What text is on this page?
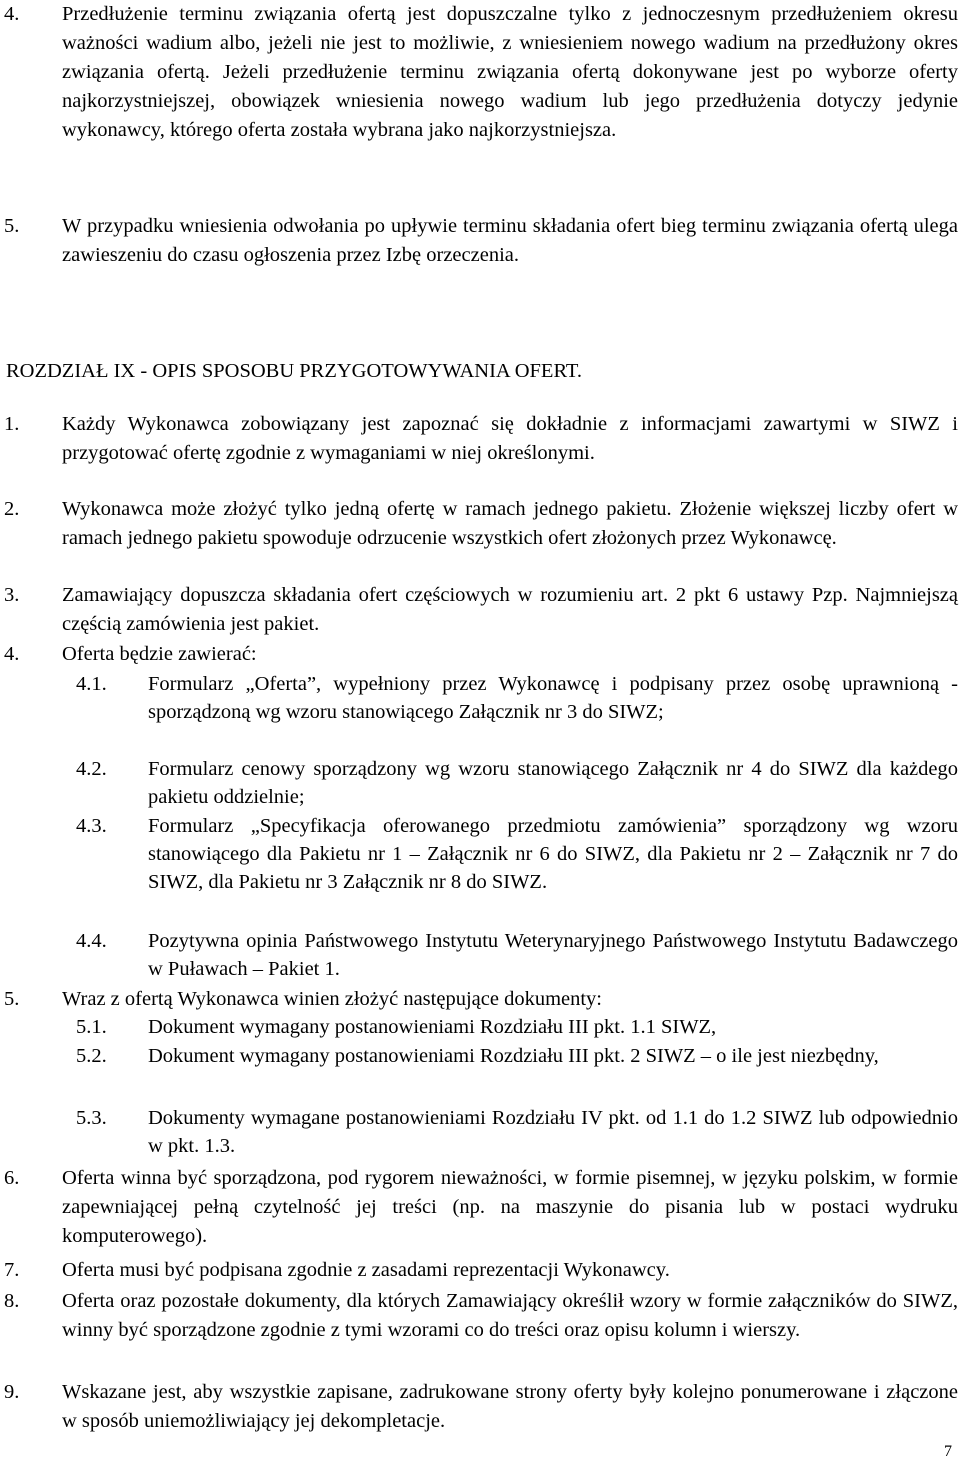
4. Przedłużenie terminu związania ofertą jest dopuszczalne tylko z jednoczesnym przedłużeniem okresu ważności wadium albo, jeżeli nie jest to możliwie, z wniesieniem nowego wadium na przedłużony okres związania ofertą. Jeżeli przedłużenie terminu związania ofertą dokonywane jest po wyborze oferty najkorzystniejszej, obowiązek wniesienia nowego wadium lub jego przedłużenia dotyczy jedynie wykonawcy, którego oferta została wybrana jako najkorzystniejsza.
5. W przypadku wniesienia odwołania po upływie terminu składania ofert bieg terminu związania ofertą ulega zawieszeniu do czasu ogłoszenia przez Izbę orzeczenia.
ROZDZIAŁ IX - OPIS SPOSOBU PRZYGOTOWYWANIA OFERT.
1. Każdy Wykonawca zobowiązany jest zapoznać się dokładnie z informacjami zawartymi w SIWZ i przygotować ofertę zgodnie z wymaganiami w niej określonymi.
2. Wykonawca może złożyć tylko jedną ofertę w ramach jednego pakietu. Złożenie większej liczby ofert w ramach jednego pakietu spowoduje odrzucenie wszystkich ofert złożonych przez Wykonawcę.
3. Zamawiający dopuszcza składania ofert częściowych w rozumieniu art. 2 pkt 6 ustawy Pzp. Najmniejszą częścią zamówienia jest pakiet.
4. Oferta będzie zawierać:
4.1. Formularz „Oferta”, wypełniony przez Wykonawcę i podpisany przez osobę uprawnioną - sporządzoną wg wzoru stanowiącego Załącznik nr 3 do SIWZ;
4.2. Formularz cenowy sporządzony wg wzoru stanowiącego Załącznik nr 4 do SIWZ dla każdego pakietu oddzielnie;
4.3. Formularz „Specyfikacja oferowanego przedmiotu zamówienia” sporządzony wg wzoru stanowiącego dla Pakietu nr 1 – Załącznik nr 6 do SIWZ, dla Pakietu nr 2 – Załącznik nr 7 do SIWZ, dla Pakietu nr 3 Załącznik nr 8 do SIWZ.
4.4. Pozytywna opinia Państwowego Instytutu Weterynaryjnego Państwowego Instytutu Badawczego w Puławach – Pakiet 1.
5. Wraz z ofertą Wykonawca winien złożyć następujące dokumenty:
5.1. Dokument wymagany postanowieniami Rozdziału III pkt. 1.1 SIWZ,
5.2. Dokument wymagany postanowieniami Rozdziału III pkt. 2 SIWZ – o ile jest niezbędny,
5.3. Dokumenty wymagane postanowieniami Rozdziału IV pkt. od 1.1 do 1.2 SIWZ lub odpowiednio w pkt. 1.3.
6. Oferta winna być sporządzona, pod rygorem nieważności, w formie pisemnej, w języku polskim, w formie zapewniającej pełną czytelność jej treści (np. na maszynie do pisania lub w postaci wydruku komputerowego).
7. Oferta musi być podpisana zgodnie z zasadami reprezentacji Wykonawcy.
8. Oferta oraz pozostałe dokumenty, dla których Zamawiający określił wzory w formie załączników do SIWZ, winny być sporządzone zgodnie z tymi wzorami co do treści oraz opisu kolumn i wierszy.
9. Wskazane jest, aby wszystkie zapisane, zadrukowane strony oferty były kolejno ponumerowane i złączone w sposób uniemożliwiający jej dekompletacje.
7
